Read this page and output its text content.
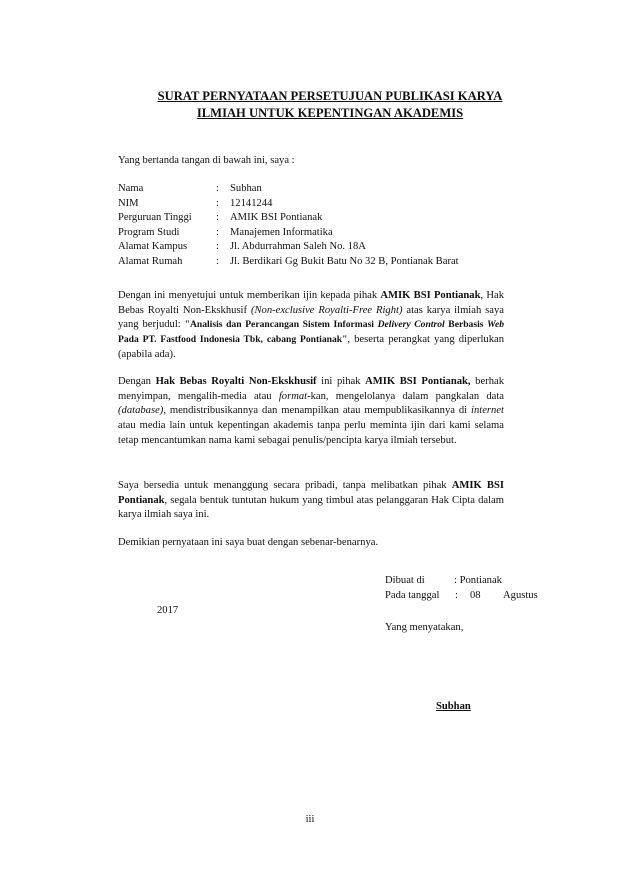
SURAT PERNYATAAN PERSETUJUAN PUBLIKASI KARYA
ILMIAH UNTUK KEPENTINGAN AKADEMIS
Yang bertanda tangan di bawah ini, saya :
Nama	:	Subhan
NIM	:	12141244
Perguruan Tinggi	:	AMIK BSI Pontianak
Program Studi	:	Manajemen Informatika
Alamat Kampus	:	Jl. Abdurrahman Saleh No. 18A
Alamat Rumah	:	Jl. Berdikari Gg Bukit Batu No 32 B, Pontianak Barat
Dengan ini menyetujui untuk memberikan ijin kepada pihak AMIK BSI Pontianak, Hak Bebas Royalti Non-Ekskhusif (Non-exclusive Royalti-Free Right) atas karya ilmiah saya yang berjudul: "Analisis dan Perancangan Sistem Informasi Delivery Control Berbasis Web Pada PT. Fastfood Indonesia Tbk, cabang Pontianak", beserta perangkat yang diperlukan (apabila ada).
Dengan Hak Bebas Royalti Non-Ekskhusif ini pihak AMIK BSI Pontianak, berhak menyimpan, mengalih-media atau format-kan, mengelolanya dalam pangkalan data (database), mendistribusikannya dan menampilkan atau mempublikasikannya di internet atau media lain untuk kepentingan akademis tanpa perlu meminta ijin dari kami selama tetap mencantumkan nama kami sebagai penulis/pencipta karya ilmiah tersebut.
Saya bersedia untuk menanggung secara pribadi, tanpa melibatkan pihak AMIK BSI Pontianak, segala bentuk tuntutan hukum yang timbul atas pelanggaran Hak Cipta dalam karya ilmiah saya ini.
Demikian pernyataan ini saya buat dengan sebenar-benarnya.
Dibuat di	: Pontianak
Pada tanggal : 08 Agustus
2017
Yang menyatakan,
Subhan
iii
